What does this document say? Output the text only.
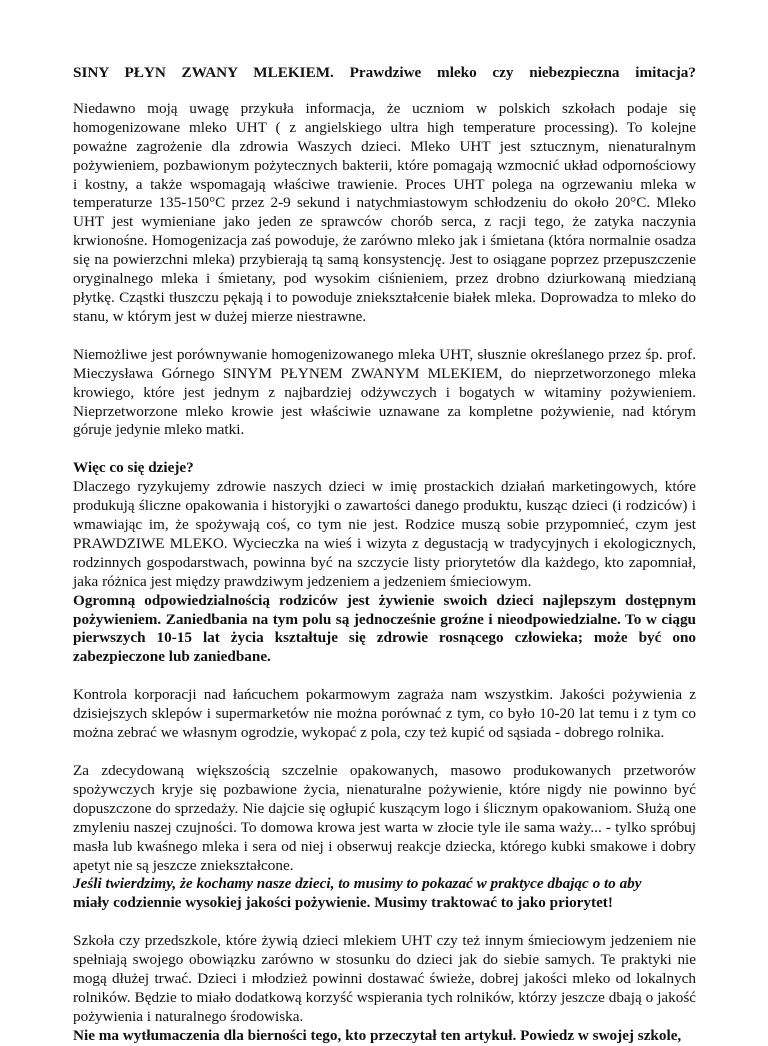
SINY PŁYN ZWANY MLEKIEM. Prawdziwe mleko czy niebezpieczna imitacja?

Niedawno moją uwagę przykuła informacja, że uczniom w polskich szkołach podaje się homogenizowane mleko UHT ( z angielskiego ultra high temperature processing). To kolejne poważne zagrożenie dla zdrowia Waszych dzieci. Mleko UHT jest sztucznym, nienaturalnym pożywieniem, pozbawionym pożytecznych bakterii, które pomagają wzmocnić układ odpornościowy i kostny, a także wspomagają właściwe trawienie. Proces UHT polega na ogrzewaniu mleka w temperaturze 135-150°C przez 2-9 sekund i natychmiastowym schłodzeniu do około 20°C. Mleko UHT jest wymieniane jako jeden ze sprawców chorób serca, z racji tego, że zatyka naczynia krwionośne. Homogenizacja zaś powoduje, że zarówno mleko jak i śmietana (która normalnie osadza się na powierzchni mleka) przybierają tą samą konsystencję. Jest to osiągane poprzez przepuszczenie oryginalnego mleka i śmietany, pod wysokim ciśnieniem, przez drobno dziurkowaną miedzianą płytkę. Cząstki tłuszczu pękają i to powoduje zniekształcenie białek mleka. Doprowadza to mleko do stanu, w którym jest w dużej mierze niestrawne.

Niemożliwe jest porównywanie homogenizowanego mleka UHT, słusznie określanego przez śp. prof. Mieczysława Górnego SINYM PŁYNEM ZWANYM MLEKIEM, do nieprzetworzonego mleka krowiego, które jest jednym z najbardziej odżywczych i bogatych w witaminy pożywieniem. Nieprzetworzone mleko krowie jest właściwie uznawane za kompletne pożywienie, nad którym góruje jedynie mleko matki.

Więc co się dzieje?
Dlaczego ryzykujemy zdrowie naszych dzieci w imię prostackich działań marketingowych, które produkują śliczne opakowania i historyjki o zawartości danego produktu, kusząc dzieci (i rodziców) i wmawiając im, że spożywają coś, co tym nie jest. Rodzice muszą sobie przypomnieć, czym jest PRAWDZIWE MLEKO. Wycieczka na wieś i wizyta z degustacją w tradycyjnych i ekologicznych, rodzinnych gospodarstwach, powinna być na szczycie listy priorytetów dla każdego, kto zapomniał, jaka różnica jest między prawdziwym jedzeniem a jedzeniem śmieciowym.
Ogromną odpowiedzialnością rodziców jest żywienie swoich dzieci najlepszym dostępnym pożywieniem. Zaniedbania na tym polu są jednocześnie groźne i nieodpowiedzialne. To w ciągu pierwszych 10-15 lat życia kształtuje się zdrowie rosnącego człowieka; może być ono zabezpieczone lub zaniedbane.

Kontrola korporacji nad łańcuchem pokarmowym zagraża nam wszystkim. Jakości pożywienia z dzisiejszych sklepów i supermarketów nie można porównać z tym, co było 10-20 lat temu i z tym co można zebrać we własnym ogrodzie, wykopać z pola, czy też kupić od sąsiada - dobrego rolnika.

Za zdecydowaną większością szczelnie opakowanych, masowo produkowanych przetworów spożywczych kryje się pozbawione życia, nienaturalne pożywienie, które nigdy nie powinno być dopuszczone do sprzedaży. Nie dajcie się ogłupić kuszącym logo i ślicznym opakowaniom. Służą one zmyleniu naszej czujności. To domowa krowa jest warta w złocie tyle ile sama waży... - tylko spróbuj masła lub kwaśnego mleka i sera od niej i obserwuj reakcje dziecka, którego kubki smakowe i dobry apetyt nie są jeszcze zniekształcone.
Jeśli twierdzimy, że kochamy nasze dzieci, to musimy to pokazać w praktyce dbając o to aby
miały codziennie wysokiej jakości pożywienie. Musimy traktować to jako priorytet!

Szkoła czy przedszkole, które żywią dzieci mlekiem UHT czy też innym śmieciowym jedzeniem nie spełniają swojego obowiązku zarówno w stosunku do dzieci jak do siebie samych. Te praktyki nie mogą dłużej trwać. Dzieci i młodzież powinni dostawać świeże, dobrej jakości mleko od lokalnych rolników. Będzie to miało dodatkową korzyść wspierania tych rolników, którzy jeszcze dbają o jakość pożywienia i naturalnego środowiska.
Nie ma wytłumaczenia dla bierności tego, kto przeczytał ten artykuł. Powiedz w swojej szkole,
